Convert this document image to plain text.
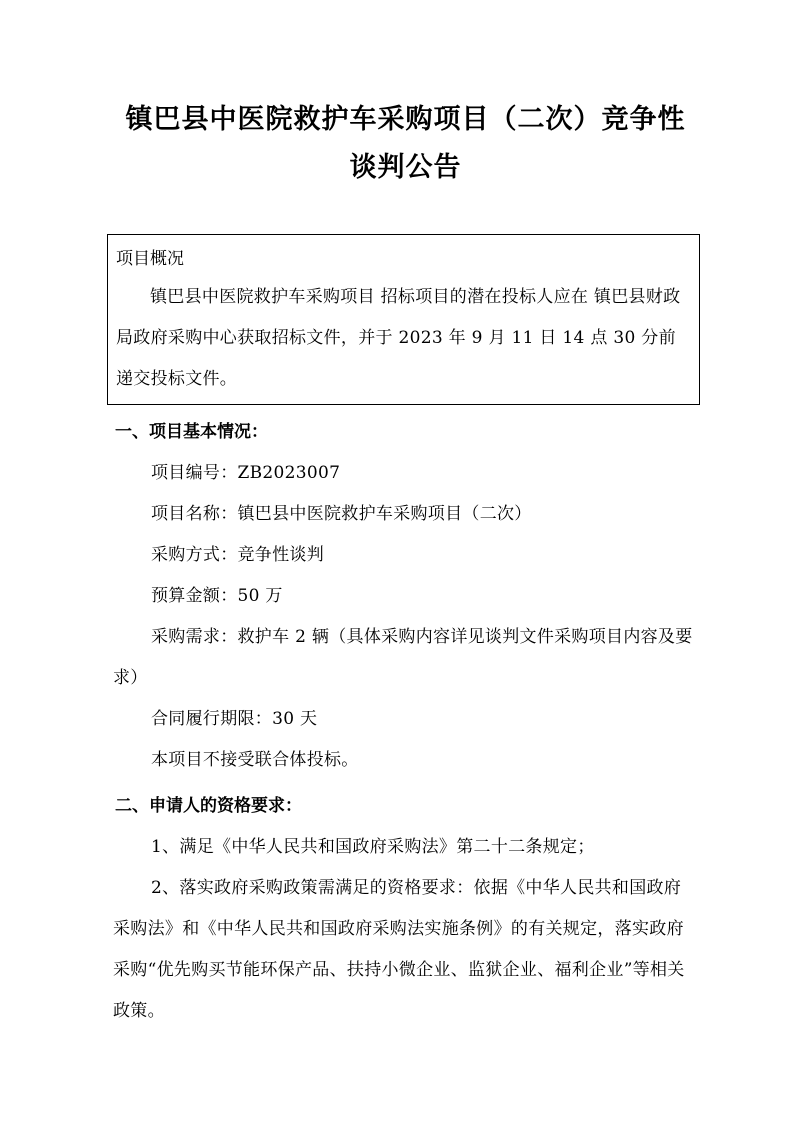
镇巴县中医院救护车采购项目（二次）竞争性
谈判公告
项目概况

镇巴县中医院救护车采购项目 招标项目的潜在投标人应在 镇巴县财政局政府采购中心获取招标文件，并于 2023 年 9 月 11 日 14 点 30 分前递交投标文件。

一、项目基本情况：

项目编号：ZB2023007

项目名称：镇巴县中医院救护车采购项目（二次）

采购方式：竞争性谈判

预算金额：50 万

采购需求：救护车 2 辆（具体采购内容详见谈判文件采购项目内容及要求）

合同履行期限：30 天

本项目不接受联合体投标。

二、申请人的资格要求：

1、满足《中华人民共和国政府采购法》第二十二条规定；

2、落实政府采购政策需满足的资格要求：依据《中华人民共和国政府采购法》和《中华人民共和国政府采购法实施条例》的有关规定，落实政府采购“优先购买节能环保产品、扶持小微企业、监狱企业、福利企业”等相关政策。
